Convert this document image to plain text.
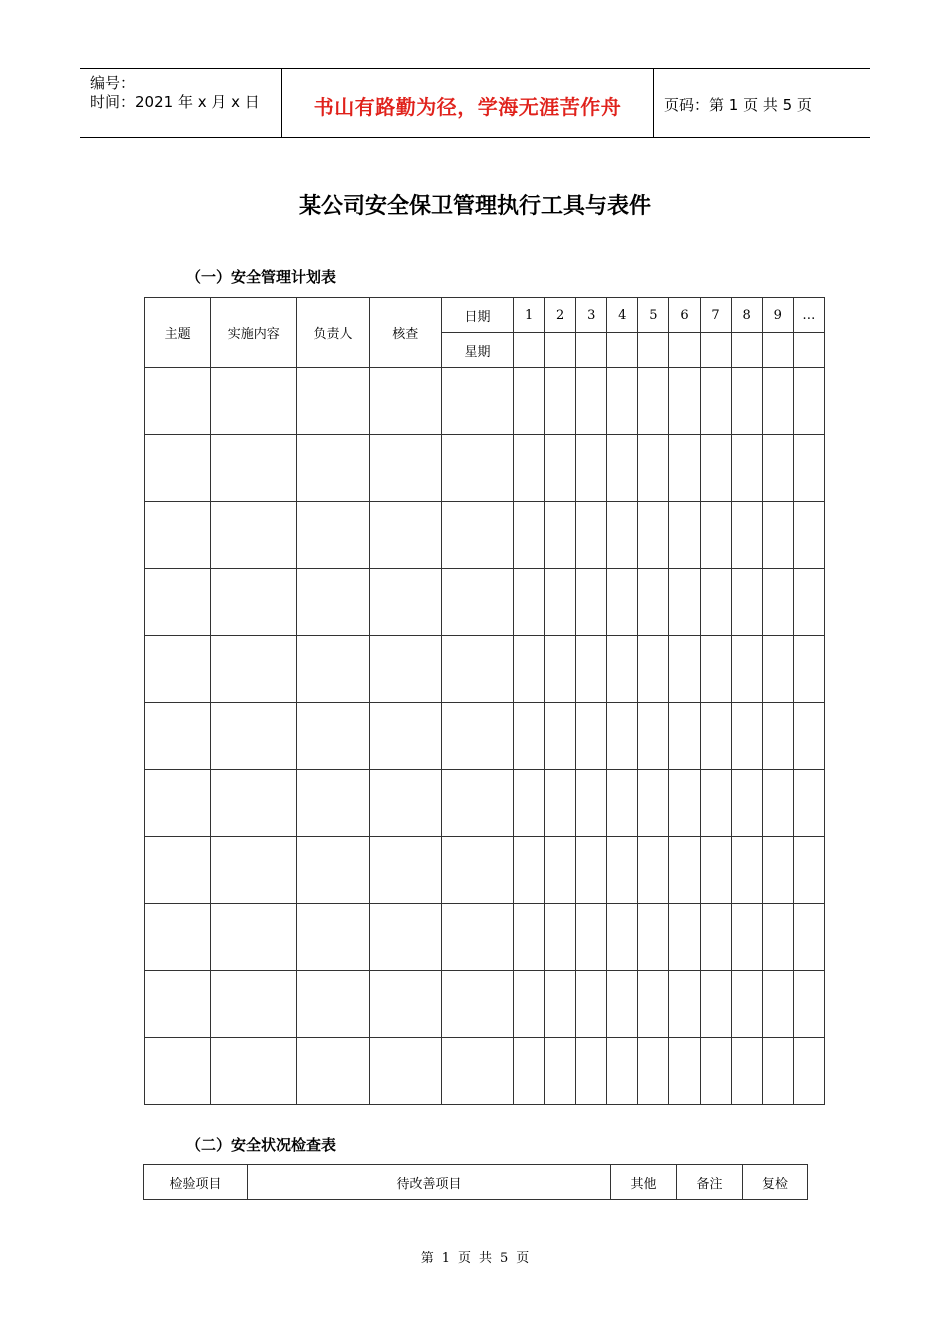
编号：
时间：2021 年 x 月 x 日	书山有路勤为径，学海无涯苦作舟	页码：第 1 页 共 5 页
某公司安全保卫管理执行工具与表件
（一）安全管理计划表
主题	实施内容	负责人	核查	日期	1	2	3	4	5	6	7	8	9	…
				星期										

（二）安全状况检查表
检验项目	待改善项目	其他	备注	复检
第 1 页 共 5 页
